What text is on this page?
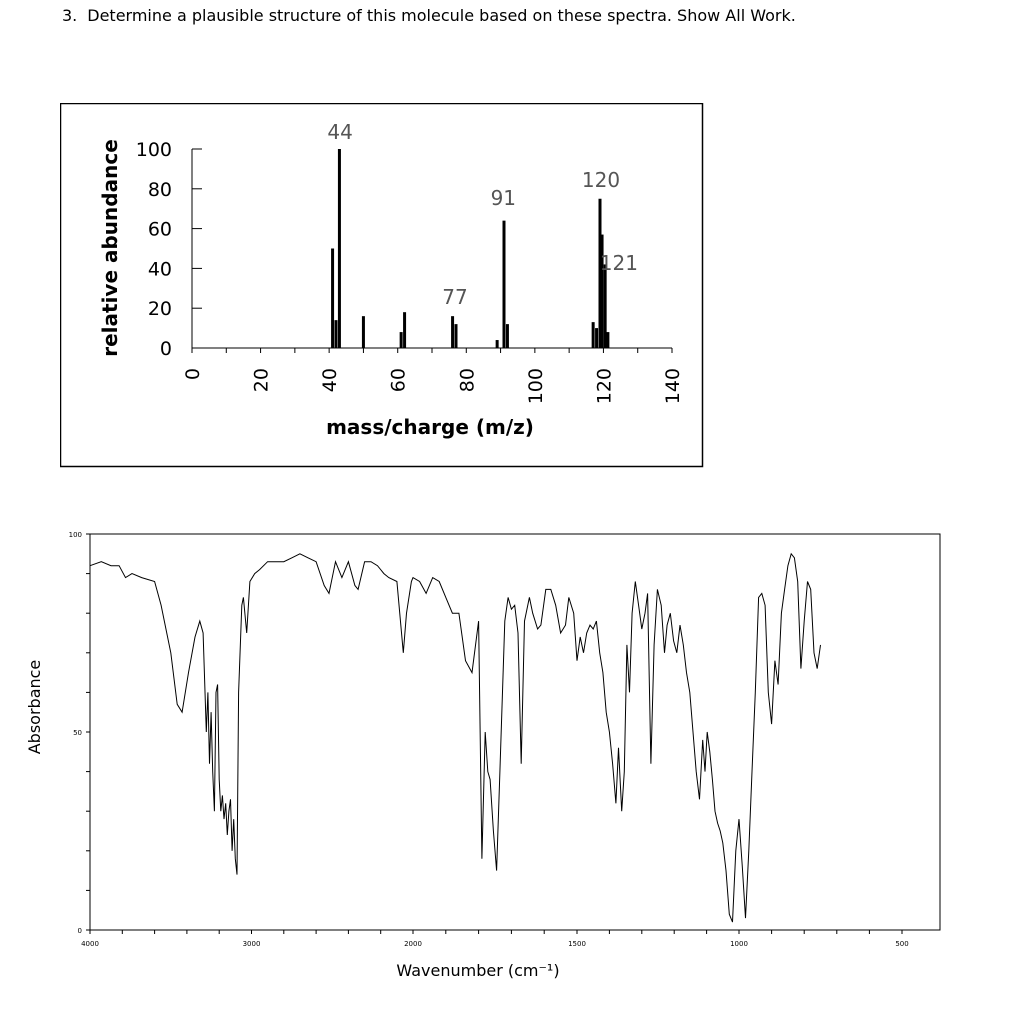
3. Determine a plausible structure of this molecule based on these spectra. Show All Work.
0
20
40
60
80
100
0 20 40 60 80 100 120 140
mass/charge (m/z)
relative abundance
44
77
91
120
121
4000	3000	2000	1500	1000	500
0
50
100
Wavenumber (cm⁻¹)
Absorbance
